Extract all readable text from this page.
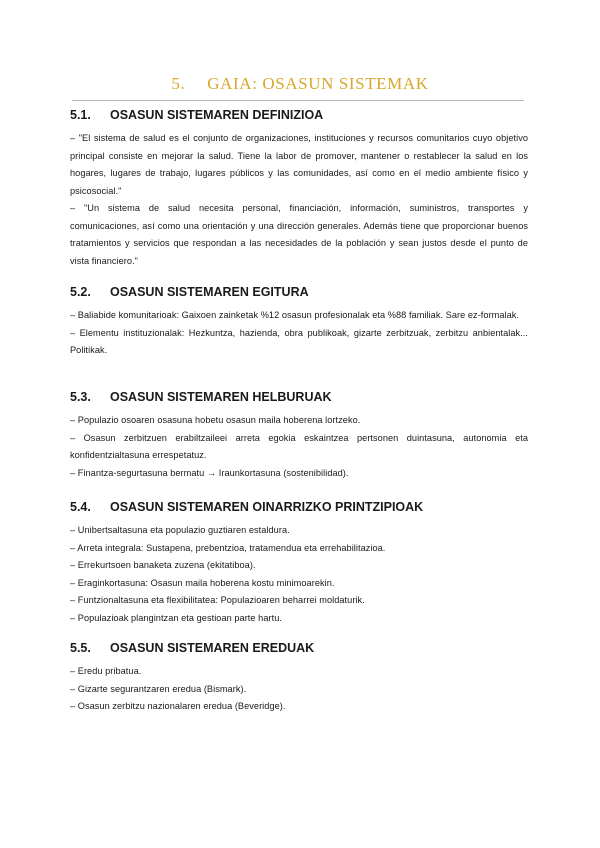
5. GAIA: OSASUN SISTEMAK
5.1. OSASUN SISTEMAREN DEFINIZIOA

– "El sistema de salud es el conjunto de organizaciones, instituciones y recursos comunitarios cuyo objetivo principal consiste en mejorar la salud. Tiene la labor de promover, mantener o restablecer la salud en los hogares, lugares de trabajo, lugares públicos y las comunidades, así como en el medio ambiente físico y psicosocial."

– "Un sistema de salud necesita personal, financiación, información, suministros, transportes y comunicaciones, así como una orientación y una dirección generales. Además tiene que proporcionar buenos tratamientos y servicios que respondan a las necesidades de la población y sean justos desde el punto de vista financiero."

5.2. OSASUN SISTEMAREN EGITURA

– Baliabide komunitarioak: Gaixoen zainketak %12 osasun profesionalak eta %88 familiak. Sare ez-formalak.

– Elementu instituzionalak: Hezkuntza, hazienda, obra publikoak, gizarte zerbitzuak, zerbitzu anbientalak... Politikak.

5.3. OSASUN SISTEMAREN HELBURUAK

– Populazio osoaren osasuna hobetu osasun maila hoberena lortzeko.

– Osasun zerbitzuen erabiltzaileei arreta egokia eskaintzea pertsonen duintasuna, autonomia eta konfidentzialtasuna errespetatuz.

– Finantza-segurtasuna bermatu → Iraunkortasuna (sostenibilidad).

5.4. OSASUN SISTEMAREN OINARRIZKO PRINTZIPIOAK

– Unibertsaltasuna eta populazio guztiaren estaldura.

– Arreta integrala: Sustapena, prebentzioa, tratamendua eta errehabilitazioa.

– Errekurtsoen banaketa zuzena (ekitatiboa).

– Eraginkortasuna: Osasun maila hoberena kostu minimoarekin.

– Funtzionaltasuna eta flexibilitatea: Populazioaren beharrei moldaturik.

– Populazioak plangintzan eta gestioan parte hartu.

5.5. OSASUN SISTEMAREN EREDUAK

– Eredu pribatua.

– Gizarte segurantzaren eredua (Bismark).

– Osasun zerbitzu nazionalaren eredua (Beveridge).
